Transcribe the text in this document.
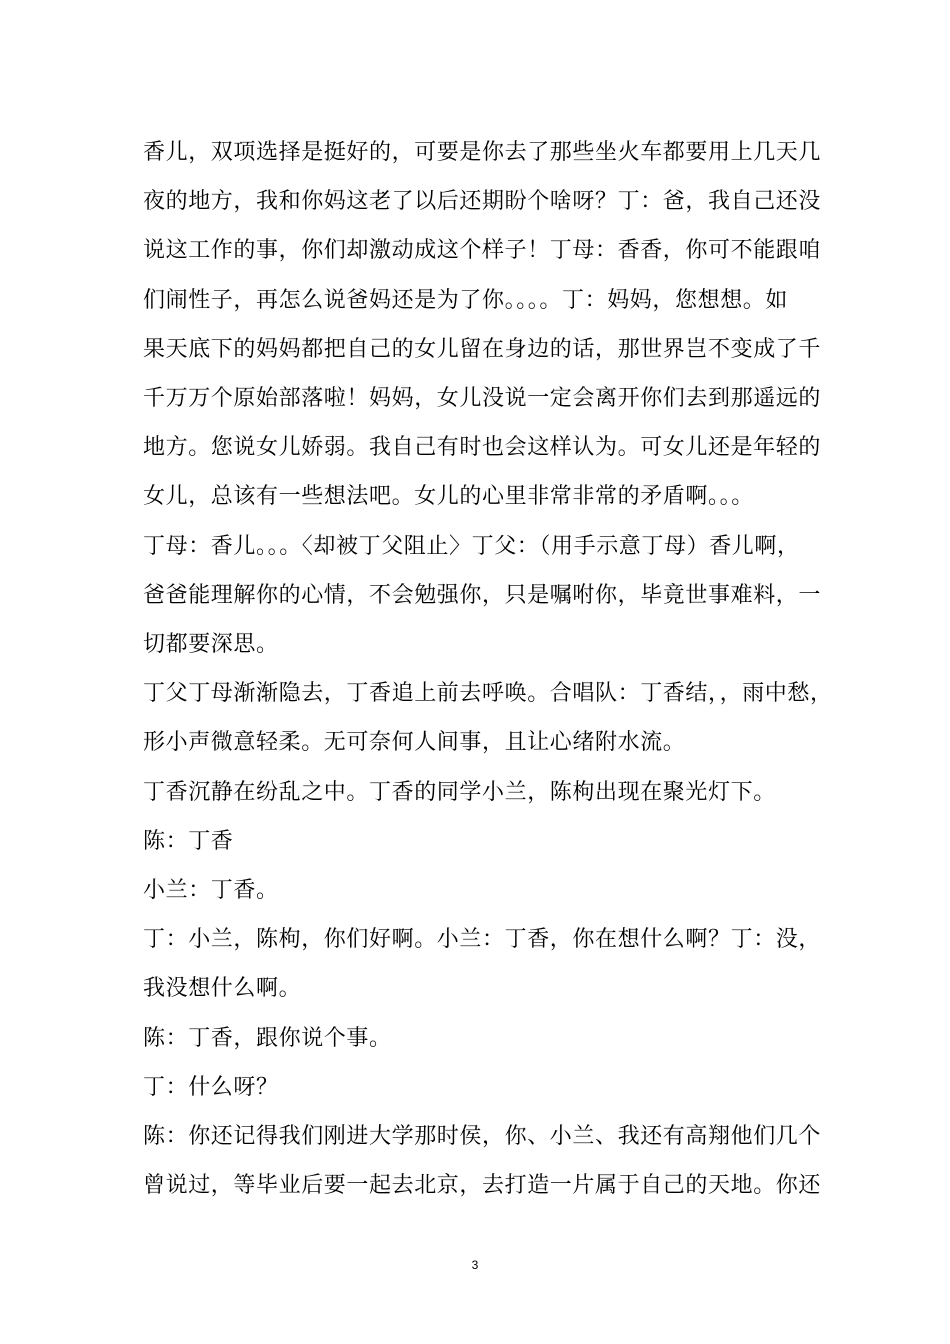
香儿，双项选择是挺好的，可要是你去了那些坐火车都要用上几天几

夜的地方，我和你妈这老了以后还期盼个啥呀？丁：爸，我自己还没

说这工作的事，你们却激动成这个样子！丁母：香香，你可不能跟咱

们闹性子，再怎么说爸妈还是为了你。。。。丁：妈妈，您想想。如

果天底下的妈妈都把自己的女儿留在身边的话，那世界岂不变成了千

千万万个原始部落啦！妈妈，女儿没说一定会离开你们去到那遥远的

地方。您说女儿娇弱。我自己有时也会这样认为。可女儿还是年轻的

女儿，总该有一些想法吧。女儿的心里非常非常的矛盾啊。。。

丁母：香儿。。。〈却被丁父阻止〉丁父：（用手示意丁母）香儿啊，

爸爸能理解你的心情，不会勉强你，只是嘱咐你，毕竟世事难料，一

切都要深思。

丁父丁母渐渐隐去，丁香追上前去呼唤。合唱队：丁香结，，雨中愁，

形小声微意轻柔。无可奈何人间事，且让心绪附水流。

丁香沉静在纷乱之中。丁香的同学小兰，陈枸出现在聚光灯下。

陈：丁香

小兰：丁香。

丁：小兰，陈枸，你们好啊。小兰：丁香，你在想什么啊？丁：没，

我没想什么啊。

陈：丁香，跟你说个事。

丁：什么呀？

陈：你还记得我们刚进大学那时侯，你、小兰、我还有高翔他们几个

曾说过，等毕业后要一起去北京，去打造一片属于自己的天地。你还

3
